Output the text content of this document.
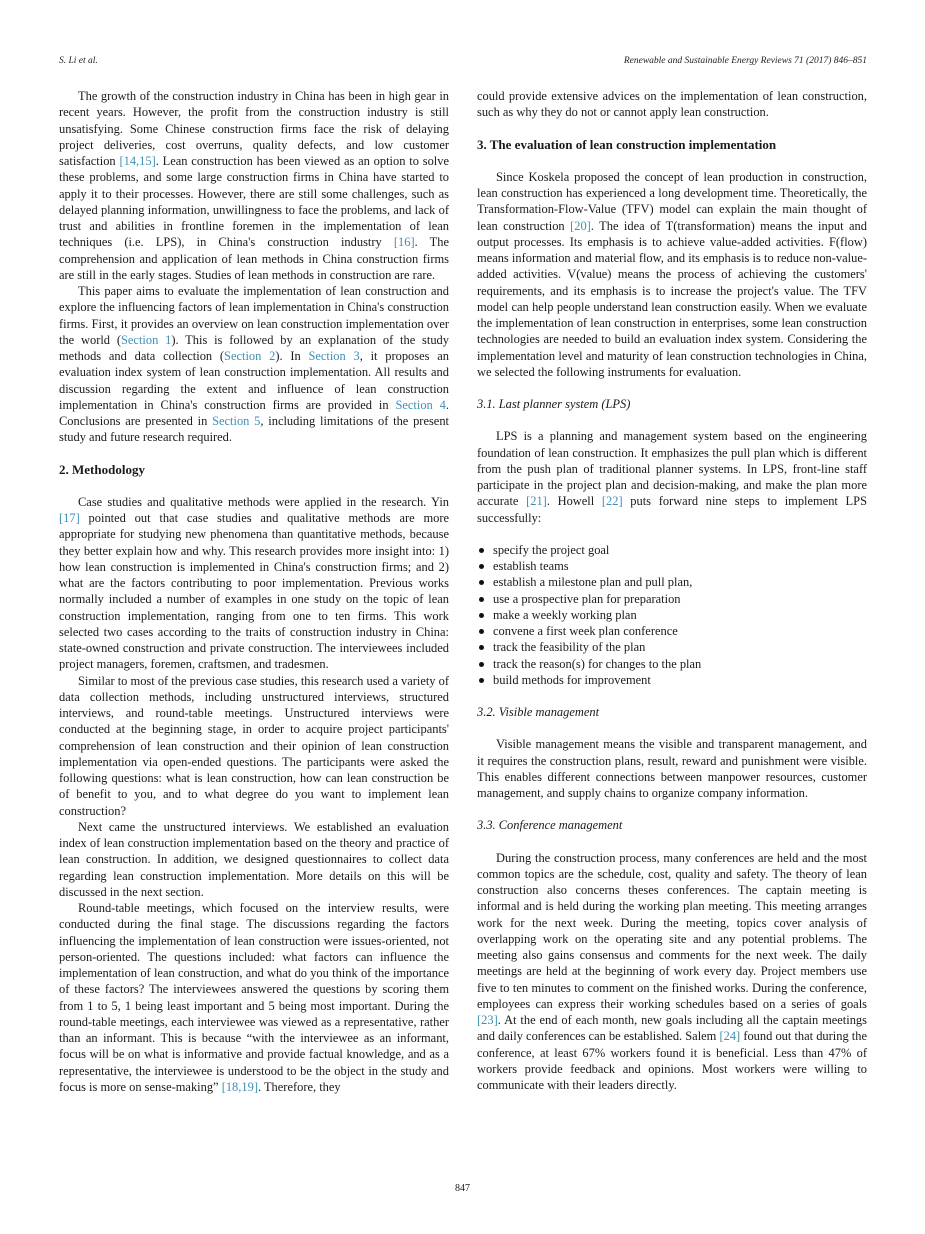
S. Li et al.	Renewable and Sustainable Energy Reviews 71 (2017) 846–851

The growth of the construction industry in China has been in high gear in recent years. However, the profit from the construction industry is still unsatisfying. Some Chinese construction firms face the risk of delaying project deliveries, cost overruns, quality defects, and low customer satisfaction [14,15]. Lean construction has been viewed as an option to solve these problems, and some large construction firms in China have started to apply it to their processes. However, there are still some challenges, such as delayed planning information, unwillingness to face the problems, and lack of trust and abilities in frontline foremen in the implementation of lean techniques (i.e. LPS), in China's construction industry [16]. The comprehension and application of lean methods in China construction firms are still in the early stages. Studies of lean methods in construction are rare.

This paper aims to evaluate the implementation of lean construction and explore the influencing factors of lean implementation in China's construction firms. First, it provides an overview on lean construction implementation over the world (Section 1). This is followed by an explanation of the study methods and data collection (Section 2). In Section 3, it proposes an evaluation index system of lean construction implementation. All results and discussion regarding the extent and influence of lean construction implementation in China's construction firms are provided in Section 4. Conclusions are presented in Section 5, including limitations of the present study and future research required.

2. Methodology

Case studies and qualitative methods were applied in the research. Yin [17] pointed out that case studies and qualitative methods are more appropriate for studying new phenomena than quantitative methods, because they better explain how and why. This research provides more insight into: 1) how lean construction is implemented in China's construction firms; and 2) what are the factors contributing to poor implementation. Previous works normally included a number of examples in one study on the topic of lean construction implementation, ranging from one to ten firms. This work selected two cases according to the traits of construction industry in China: state-owned construction and private construction. The interviewees included project managers, foremen, craftsmen, and tradesmen.

Similar to most of the previous case studies, this research used a variety of data collection methods, including unstructured interviews, structured interviews, and round-table meetings. Unstructured interviews were conducted at the beginning stage, in order to acquire project participants' comprehension of lean construction and their opinion of lean construction implementation via open-ended questions. The participants were asked the following questions: what is lean construction, how can lean construction be of benefit to you, and to what degree do you want to implement lean construction?

Next came the unstructured interviews. We established an evaluation index of lean construction implementation based on the theory and practice of lean construction. In addition, we designed questionnaires to collect data regarding lean construction implementation. More details on this will be discussed in the next section.

Round-table meetings, which focused on the interview results, were conducted during the final stage. The discussions regarding the factors influencing the implementation of lean construction were issues-oriented, not person-oriented. The questions included: what factors can influence the implementation of lean construction, and what do you think of the importance of these factors? The interviewees answered the questions by scoring them from 1 to 5, 1 being least important and 5 being most important. During the round-table meetings, each interviewee was viewed as a representative, rather than an informant. This is because “with the interviewee as an informant, focus will be on what is informative and provide factual knowledge, and as a representative, the interviewee is understood to be the object in the study and focus is more on sense-making” [18,19]. Therefore, they

could provide extensive advices on the implementation of lean construction, such as why they do not or cannot apply lean construction.

3. The evaluation of lean construction implementation

Since Koskela proposed the concept of lean production in construction, lean construction has experienced a long development time. Theoretically, the Transformation-Flow-Value (TFV) model can explain the main thought of lean construction [20]. The idea of T(transformation) means the input and output processes. Its emphasis is to achieve value-added activities. F(flow) means information and material flow, and its emphasis is to reduce non-value-added activities. V(value) means the process of achieving the customers' requirements, and its emphasis is to increase the project's value. The TFV model can help people understand lean construction easily. When we evaluate the implementation of lean construction in enterprises, some lean construction technologies are needed to build an evaluation index system. Considering the implementation level and maturity of lean construction technologies in China, we selected the following instruments for evaluation.

3.1. Last planner system (LPS)

LPS is a planning and management system based on the engineering foundation of lean construction. It emphasizes the pull plan which is different from the push plan of traditional planner systems. In LPS, front-line staff participate in the project plan and decision-making, and make the plan more accurate [21]. Howell [22] puts forward nine steps to implement LPS successfully:

specify the project goal
establish teams
establish a milestone plan and pull plan,
use a prospective plan for preparation
make a weekly working plan
convene a first week plan conference
track the feasibility of the plan
track the reason(s) for changes to the plan
build methods for improvement
3.2. Visible management

Visible management means the visible and transparent management, and it requires the construction plans, result, reward and punishment were visible. This enables different connections between manpower resources, customer management, and supply chains to organize company information.

3.3. Conference management

During the construction process, many conferences are held and the most common topics are the schedule, cost, quality and safety. The theory of lean construction also concerns theses conferences. The captain meeting is informal and is held during the working plan meeting. This meeting arranges work for the next week. During the meeting, topics cover analysis of overlapping work on the operating site and any potential problems. The meeting also gains consensus and comments for the next week. The daily meetings are held at the beginning of work every day. Project members use five to ten minutes to comment on the finished works. During the conference, employees can express their working schedules based on a series of goals [23]. At the end of each month, new goals including all the captain meetings and daily conferences can be established. Salem [24] found out that during the conference, at least 67% workers found it is beneficial. Less than 47% of workers provide feedback and opinions. Most workers were willing to communicate with their leaders directly.

847
